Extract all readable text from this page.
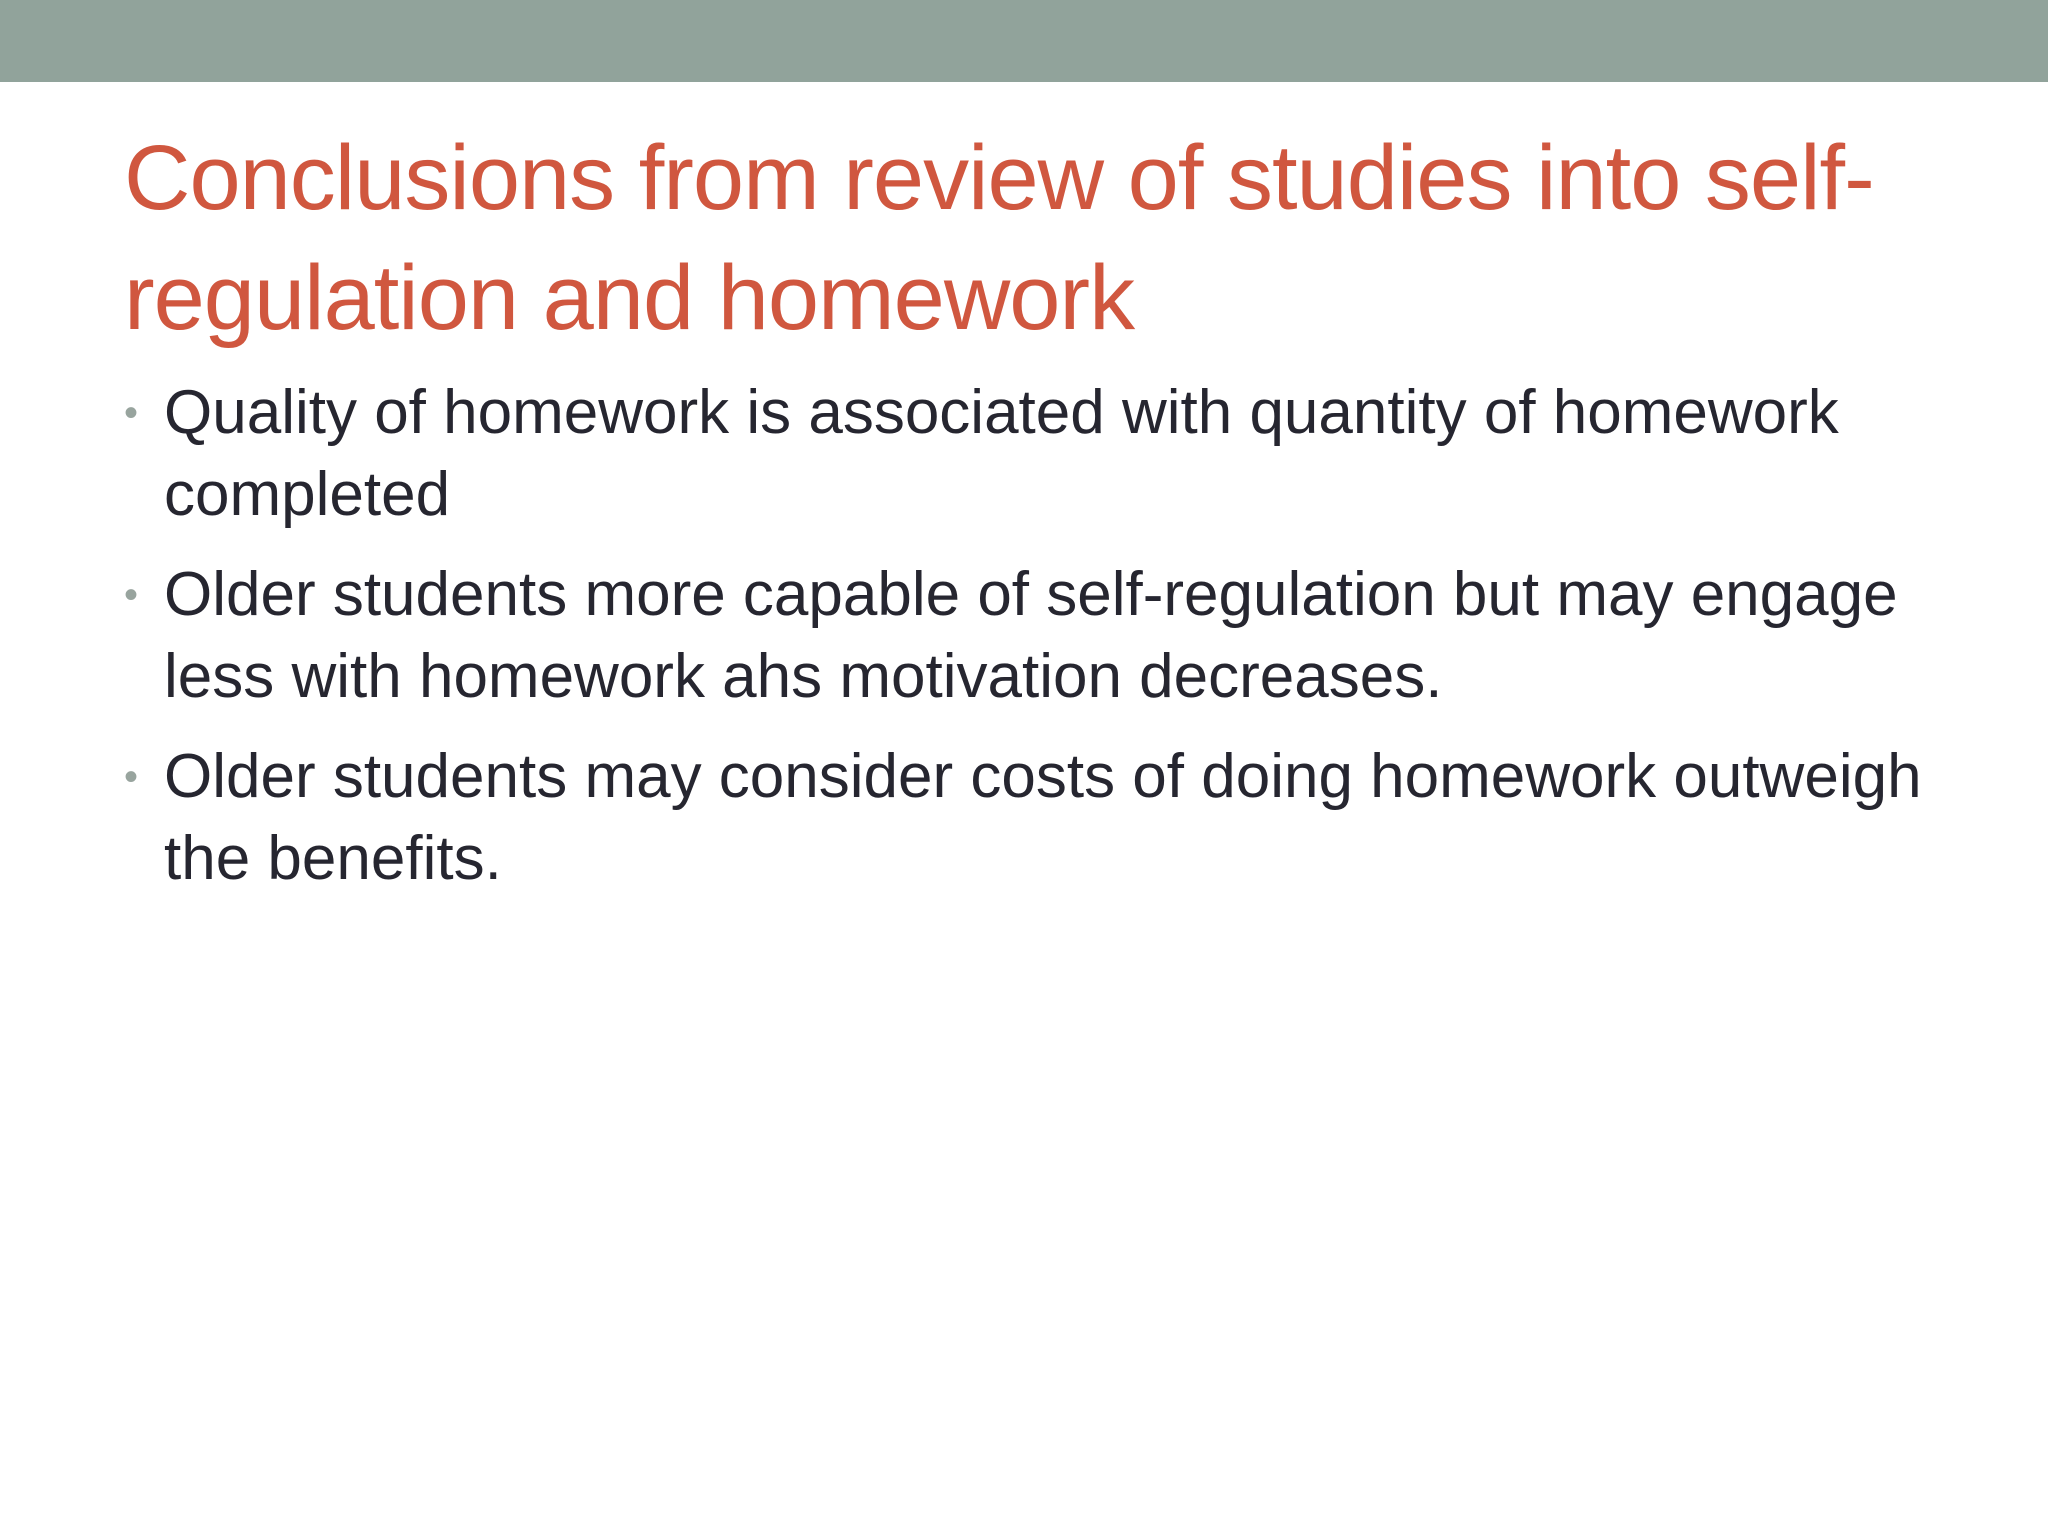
Conclusions from review of studies into self-regulation and homework
• Quality of homework is associated with quantity of homework completed
• Older students more capable of self-regulation but may engage less with homework ahs motivation decreases.
• Older students may consider costs of doing homework outweigh the benefits.
